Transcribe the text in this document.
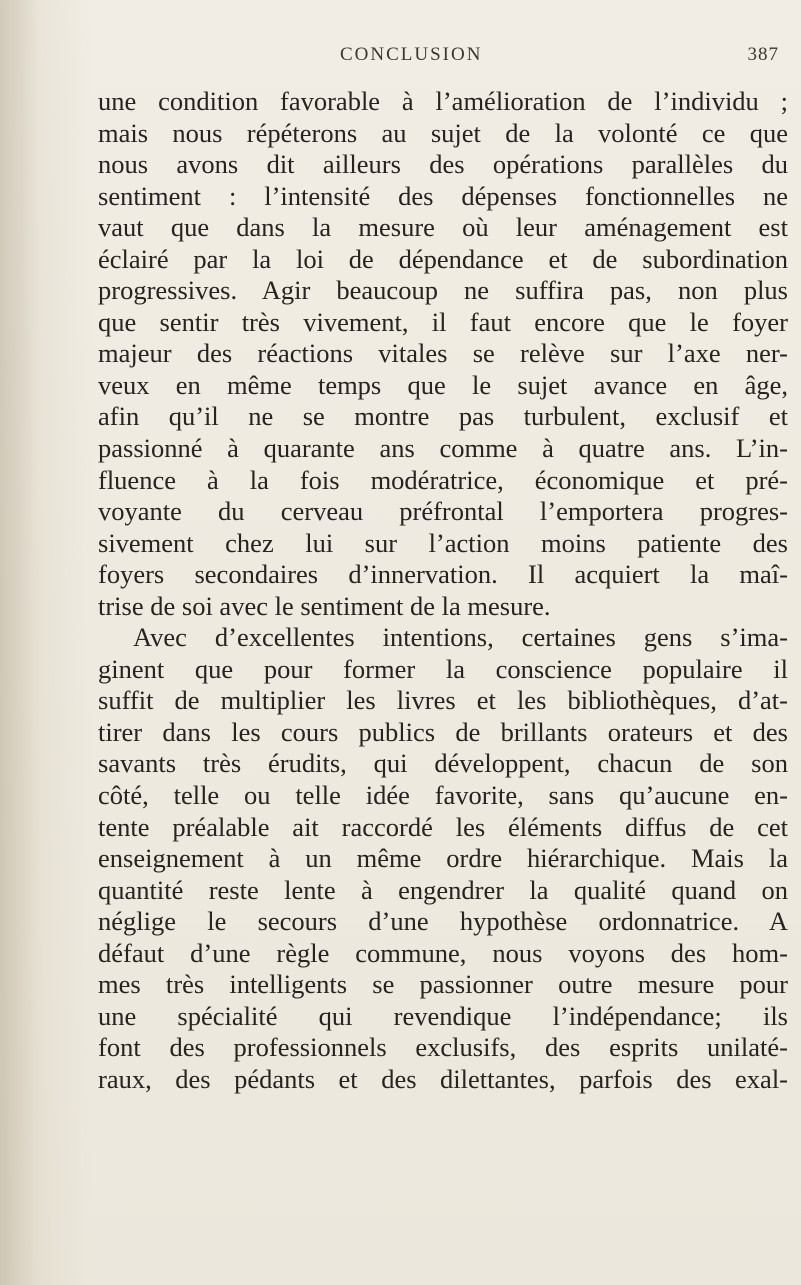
CONCLUSION	387
une condition favorable à l’amélioration de l’individu ;
mais nous répéterons au sujet de la volonté ce que
nous avons dit ailleurs des opérations parallèles du
sentiment : l’intensité des dépenses fonctionnelles ne
vaut que dans la mesure où leur aménagement est
éclairé par la loi de dépendance et de subordination
progressives. Agir beaucoup ne suffira pas, non plus
que sentir très vivement, il faut encore que le foyer
majeur des réactions vitales se relève sur l’axe ner-
veux en même temps que le sujet avance en âge,
afin qu’il ne se montre pas turbulent, exclusif et
passionné à quarante ans comme à quatre ans. L’in-
fluence à la fois modératrice, économique et pré-
voyante du cerveau préfrontal l’emportera progres-
sivement chez lui sur l’action moins patiente des
foyers secondaires d’innervation. Il acquiert la maî-
trise de soi avec le sentiment de la mesure.
Avec d’excellentes intentions, certaines gens s’ima-
ginent que pour former la conscience populaire il
suffit de multiplier les livres et les bibliothèques, d’at-
tirer dans les cours publics de brillants orateurs et des
savants très érudits, qui développent, chacun de son
côté, telle ou telle idée favorite, sans qu’aucune en-
tente préalable ait raccordé les éléments diffus de cet
enseignement à un même ordre hiérarchique. Mais la
quantité reste lente à engendrer la qualité quand on
néglige le secours d’une hypothèse ordonnatrice. A
défaut d’une règle commune, nous voyons des hom-
mes très intelligents se passionner outre mesure pour
une spécialité qui revendique l’indépendance; ils
font des professionnels exclusifs, des esprits unilaté-
raux, des pédants et des dilettantes, parfois des exal-
